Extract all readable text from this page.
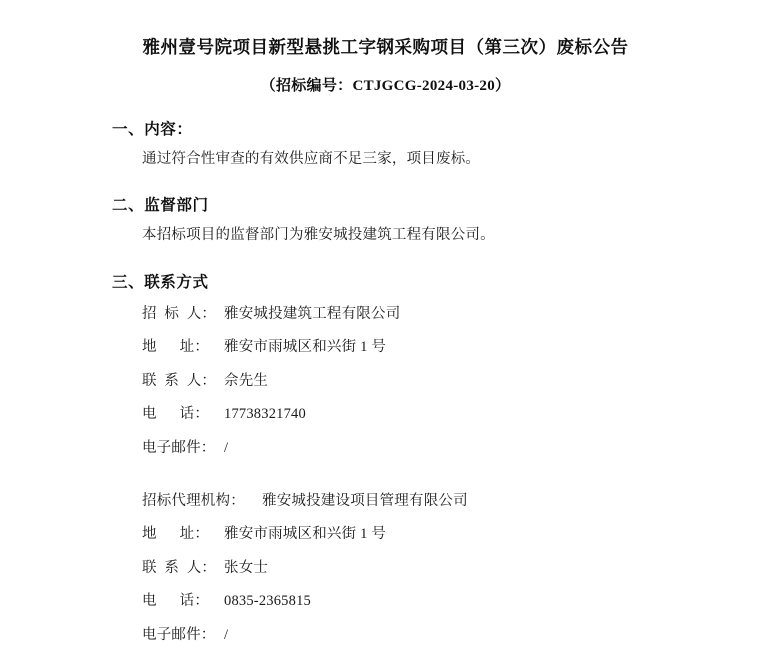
雅州壹号院项目新型悬挑工字钢采购项目（第三次）废标公告
（招标编号：CTJGCG-2024-03-20）
一、内容：
通过符合性审查的有效供应商不足三家，项目废标。
二、监督部门
本招标项目的监督部门为雅安城投建筑工程有限公司。
三、联系方式
招  标  人： 雅安城投建筑工程有限公司
地      址：	雅安市雨城区和兴街 1 号
联  系  人： 佘先生
电      话：	17738321740
电子邮件： /
招标代理机构：	雅安城投建设项目管理有限公司
地      址：	雅安市雨城区和兴街 1 号
联  系  人： 张女士
电      话：	0835-2365815
电子邮件： /
